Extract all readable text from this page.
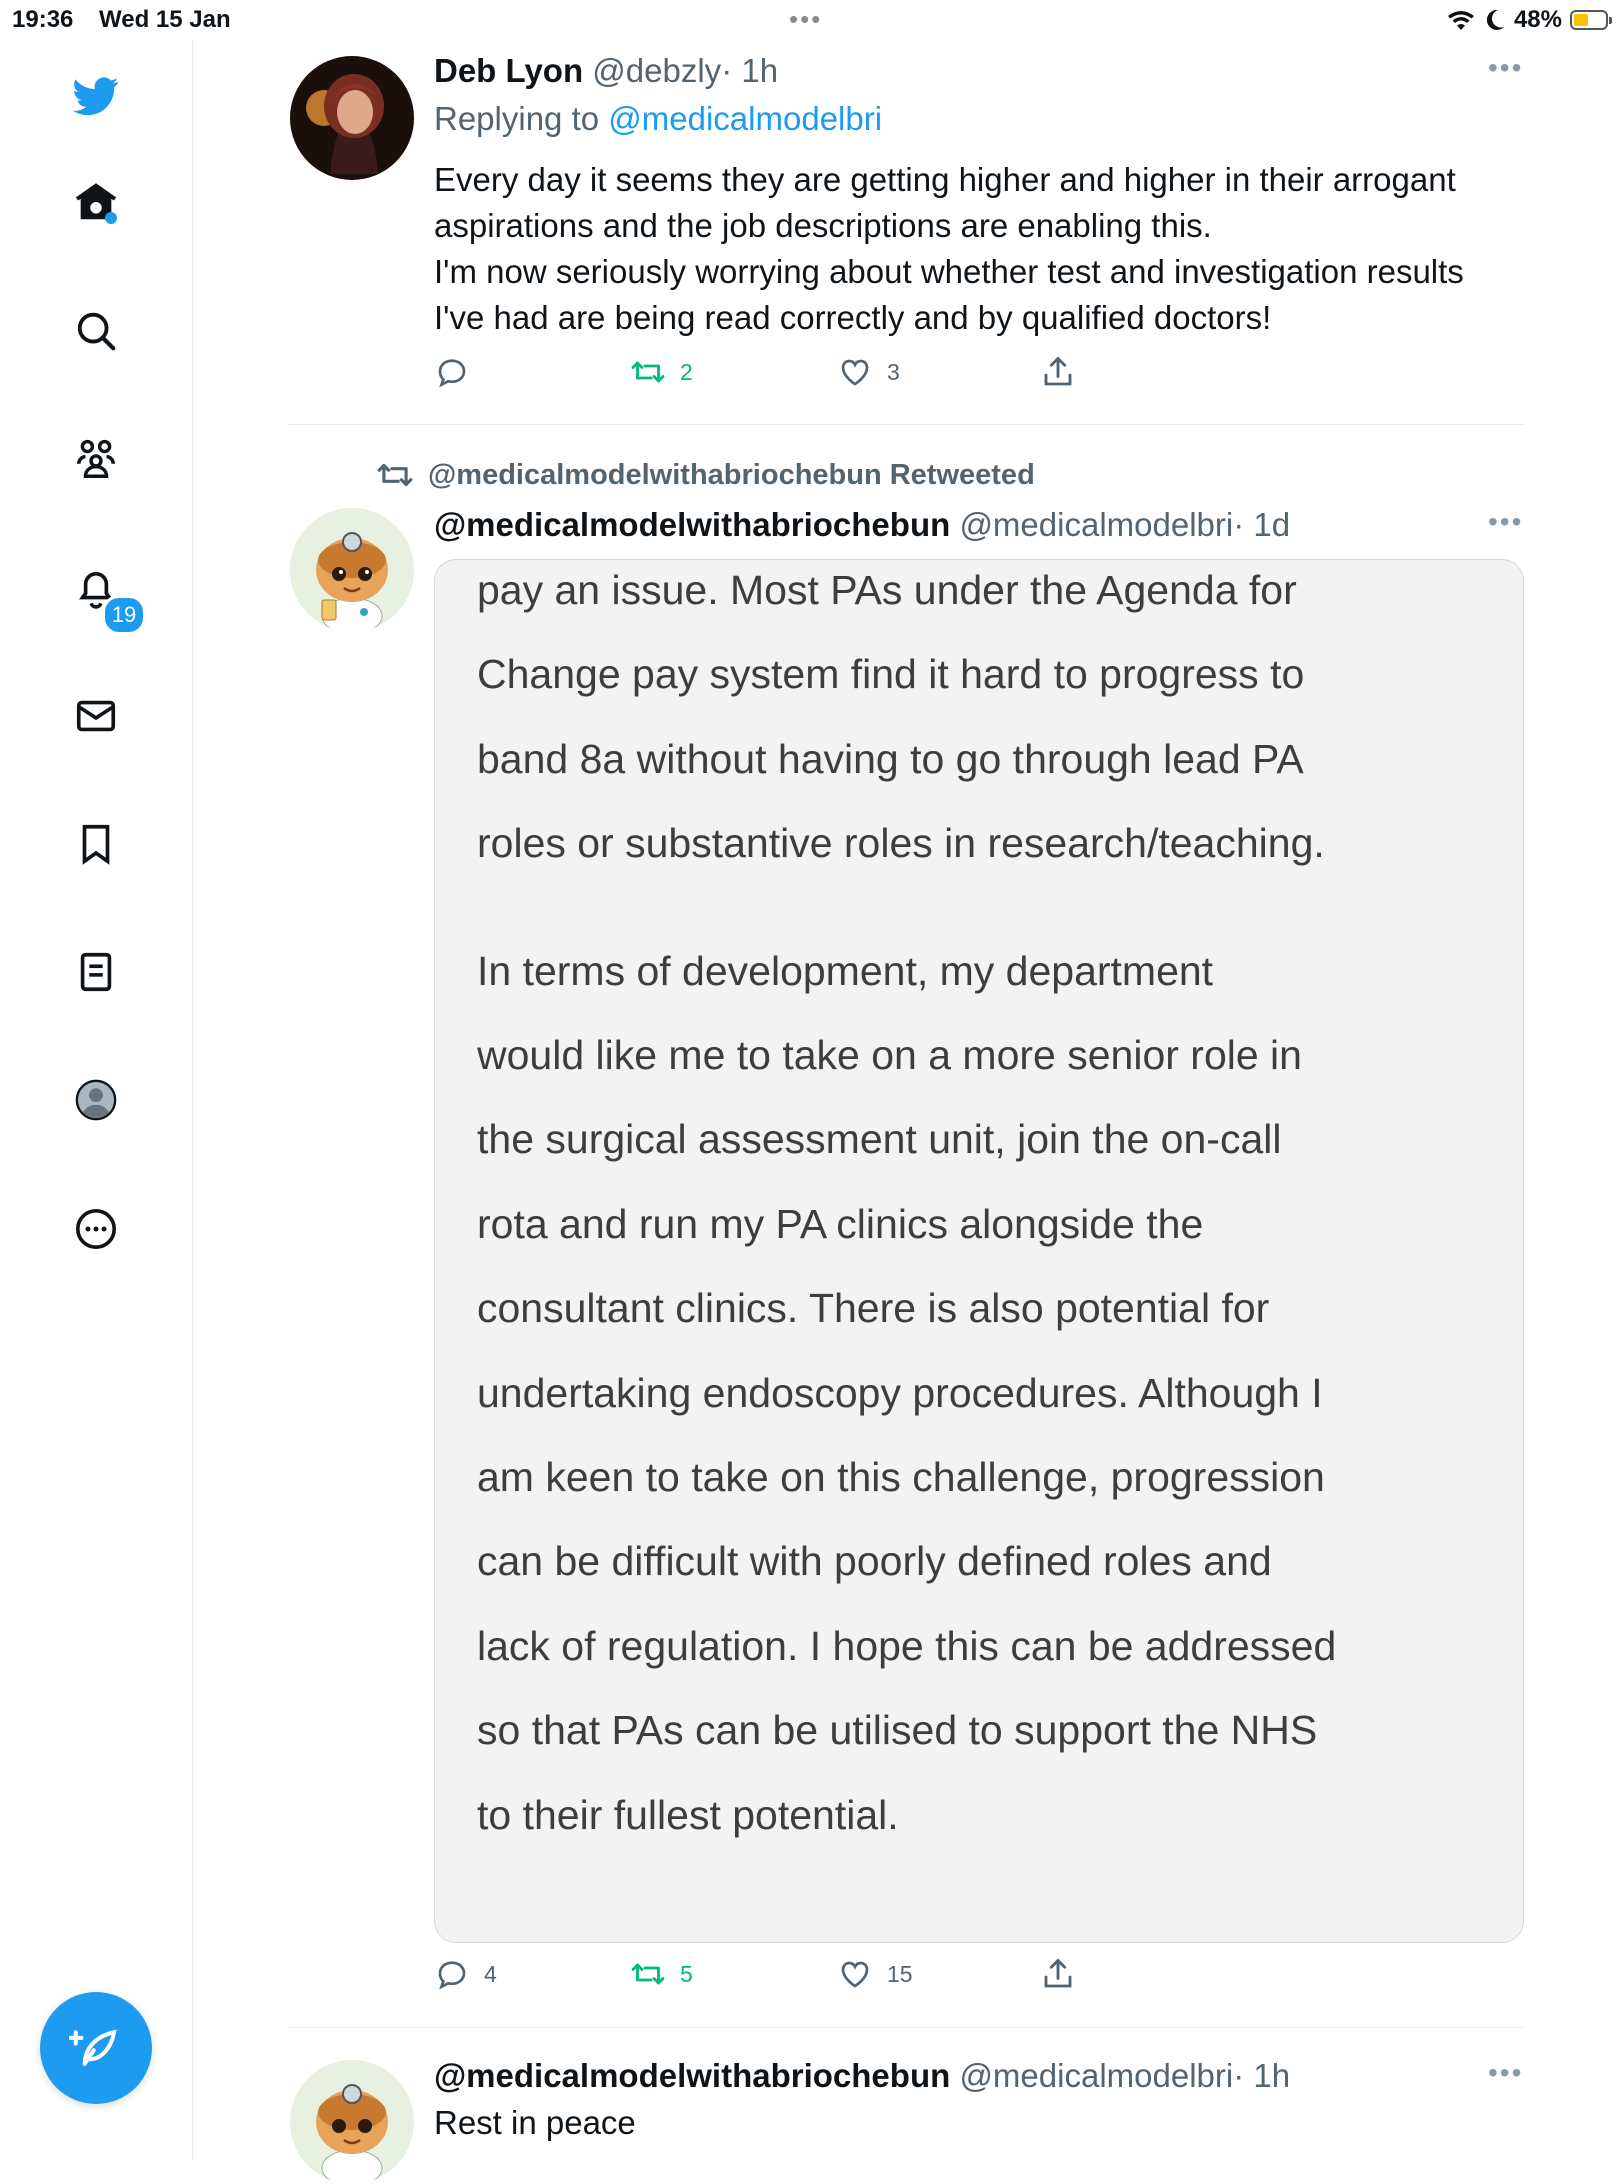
19:36 Wed 15 Jan	•••	48%
19
Deb Lyon @debzly· 1h	•••
Replying to @medicalmodelbri
Every day it seems they are getting higher and higher in their arrogant
aspirations and the job descriptions are enabling this.
I'm now seriously worrying about whether test and investigation results
I've had are being read correctly and by qualified doctors!
2	3
@medicalmodelwithabriochebun Retweeted
@medicalmodelwithabriochebun @medicalmodelbri· 1d	•••

pay an issue. Most PAs under the Agenda for

Change pay system find it hard to progress to

band 8a without having to go through lead PA

roles or substantive roles in research/teaching.

In terms of development, my department

would like me to take on a more senior role in

the surgical assessment unit, join the on-call

rota and run my PA clinics alongside the

consultant clinics. There is also potential for

undertaking endoscopy procedures. Although I

am keen to take on this challenge, progression

can be difficult with poorly defined roles and

lack of regulation. I hope this can be addressed

so that PAs can be utilised to support the NHS

to their fullest potential.

4	5	15
@medicalmodelwithabriochebun @medicalmodelbri· 1h	•••
Rest in peace
